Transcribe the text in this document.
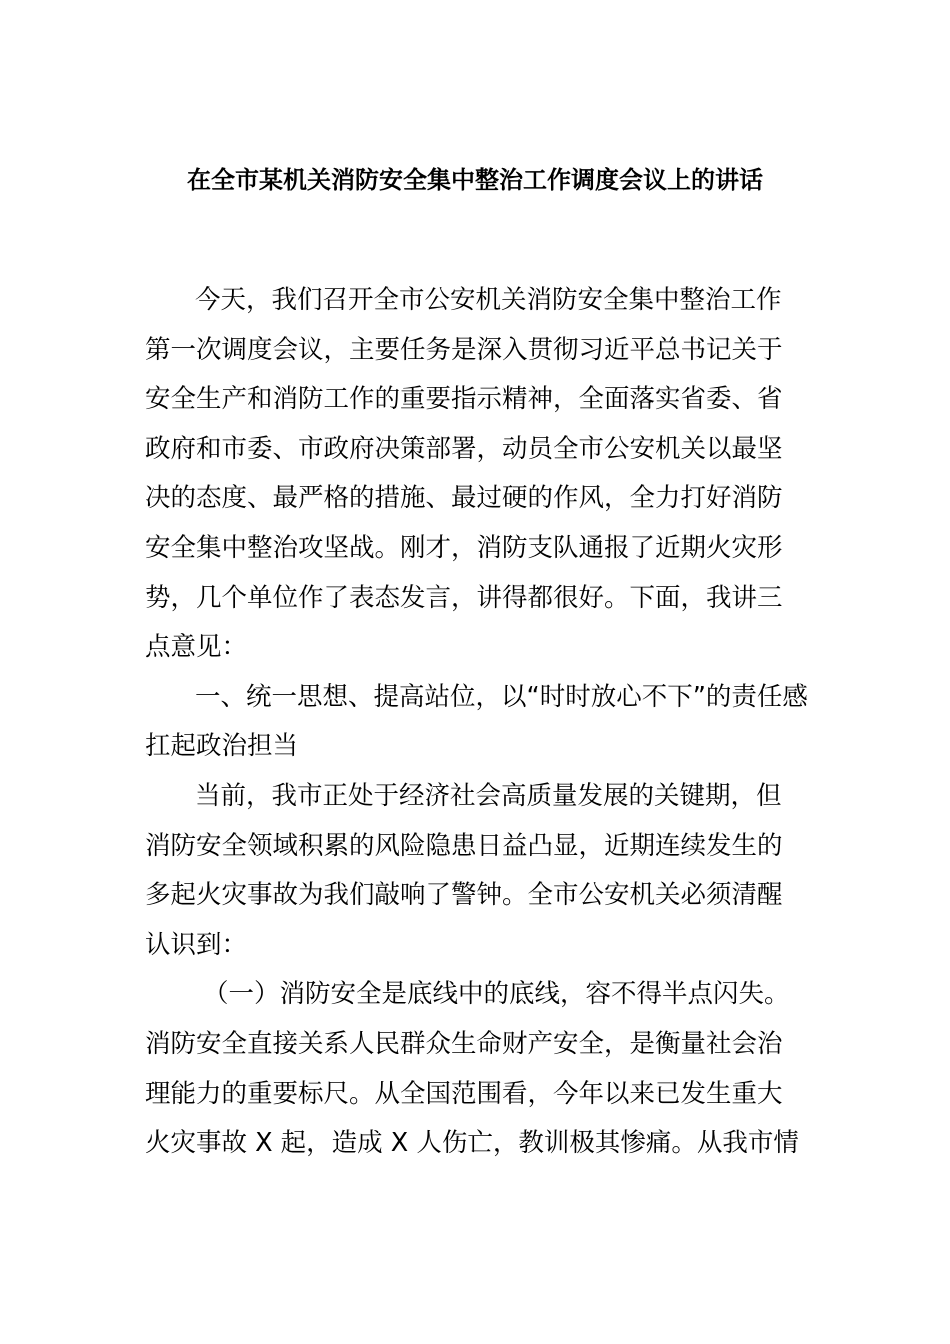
在全市某机关消防安全集中整治工作调度会议上的讲话
今天，我们召开全市公安机关消防安全集中整治工作
第一次调度会议，主要任务是深入贯彻习近平总书记关于
安全生产和消防工作的重要指示精神，全面落实省委、省
政府和市委、市政府决策部署，动员全市公安机关以最坚
决的态度、最严格的措施、最过硬的作风，全力打好消防
安全集中整治攻坚战。刚才，消防支队通报了近期火灾形
势，几个单位作了表态发言，讲得都很好。下面，我讲三
点意见：
一、统一思想、提高站位，以“时时放心不下”的责任感
扛起政治担当
当前，我市正处于经济社会高质量发展的关键期，但
消防安全领域积累的风险隐患日益凸显，近期连续发生的
多起火灾事故为我们敲响了警钟。全市公安机关必须清醒
认识到：
（一）消防安全是底线中的底线，容不得半点闪失。
消防安全直接关系人民群众生命财产安全，是衡量社会治
理能力的重要标尺。从全国范围看，今年以来已发生重大
火灾事故 X 起，造成 X 人伤亡，教训极其惨痛。从我市情
